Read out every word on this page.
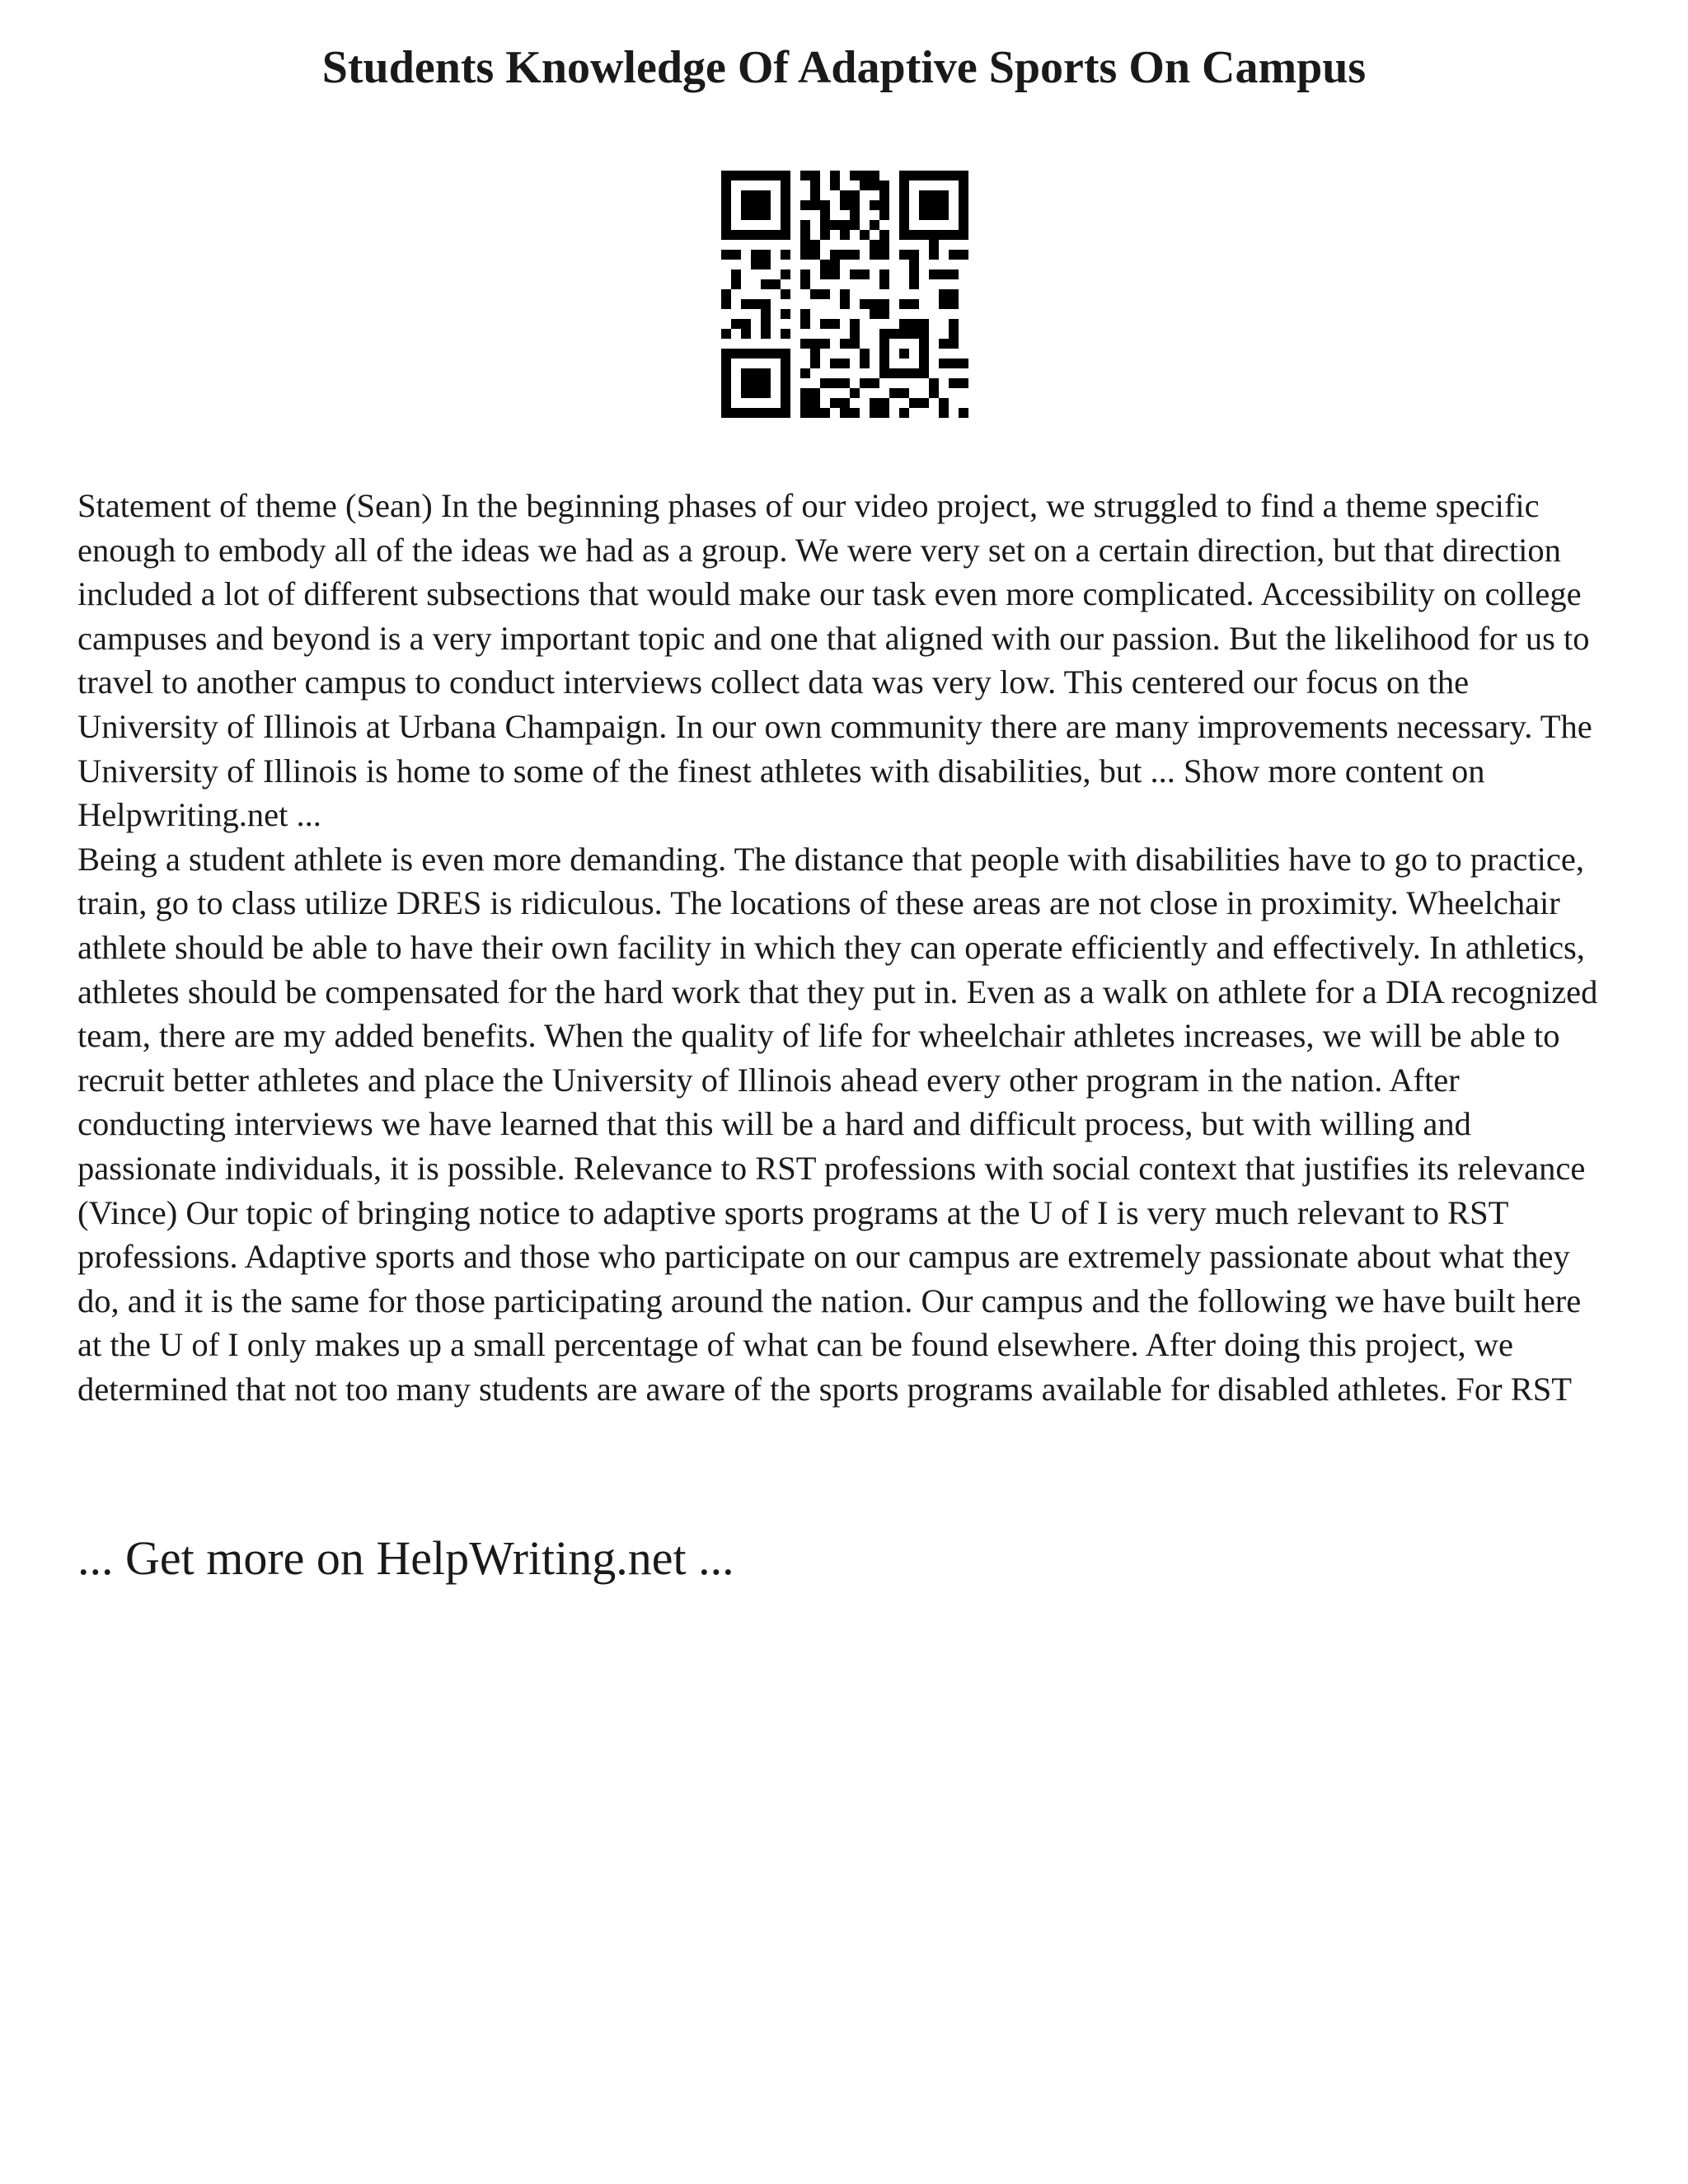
Students Knowledge Of Adaptive Sports On Campus

Statement of theme (Sean) In the beginning phases of our video project, we struggled to find a theme specific enough to embody all of the ideas we had as a group. We were very set on a certain direction, but that direction included a lot of different subsections that would make our task even more complicated. Accessibility on college campuses and beyond is a very important topic and one that aligned with our passion. But the likelihood for us to travel to another campus to conduct interviews collect data was very low. This centered our focus on the University of Illinois at Urbana Champaign. In our own community there are many improvements necessary. The University of Illinois is home to some of the finest athletes with disabilities, but ... Show more content on Helpwriting.net ...

Being a student athlete is even more demanding. The distance that people with disabilities have to go to practice, train, go to class utilize DRES is ridiculous. The locations of these areas are not close in proximity. Wheelchair athlete should be able to have their own facility in which they can operate efficiently and effectively. In athletics, athletes should be compensated for the hard work that they put in. Even as a walk on athlete for a DIA recognized team, there are my added benefits. When the quality of life for wheelchair athletes increases, we will be able to recruit better athletes and place the University of Illinois ahead every other program in the nation. After conducting interviews we have learned that this will be a hard and difficult process, but with willing and passionate individuals, it is possible. Relevance to RST professions with social context that justifies its relevance (Vince) Our topic of bringing notice to adaptive sports programs at the U of I is very much relevant to RST professions. Adaptive sports and those who participate on our campus are extremely passionate about what they do, and it is the same for those participating around the nation. Our campus and the following we have built here at the U of I only makes up a small percentage of what can be found elsewhere. After doing this project, we determined that not too many students are aware of the sports programs available for disabled athletes. For RST

... Get more on HelpWriting.net ...
